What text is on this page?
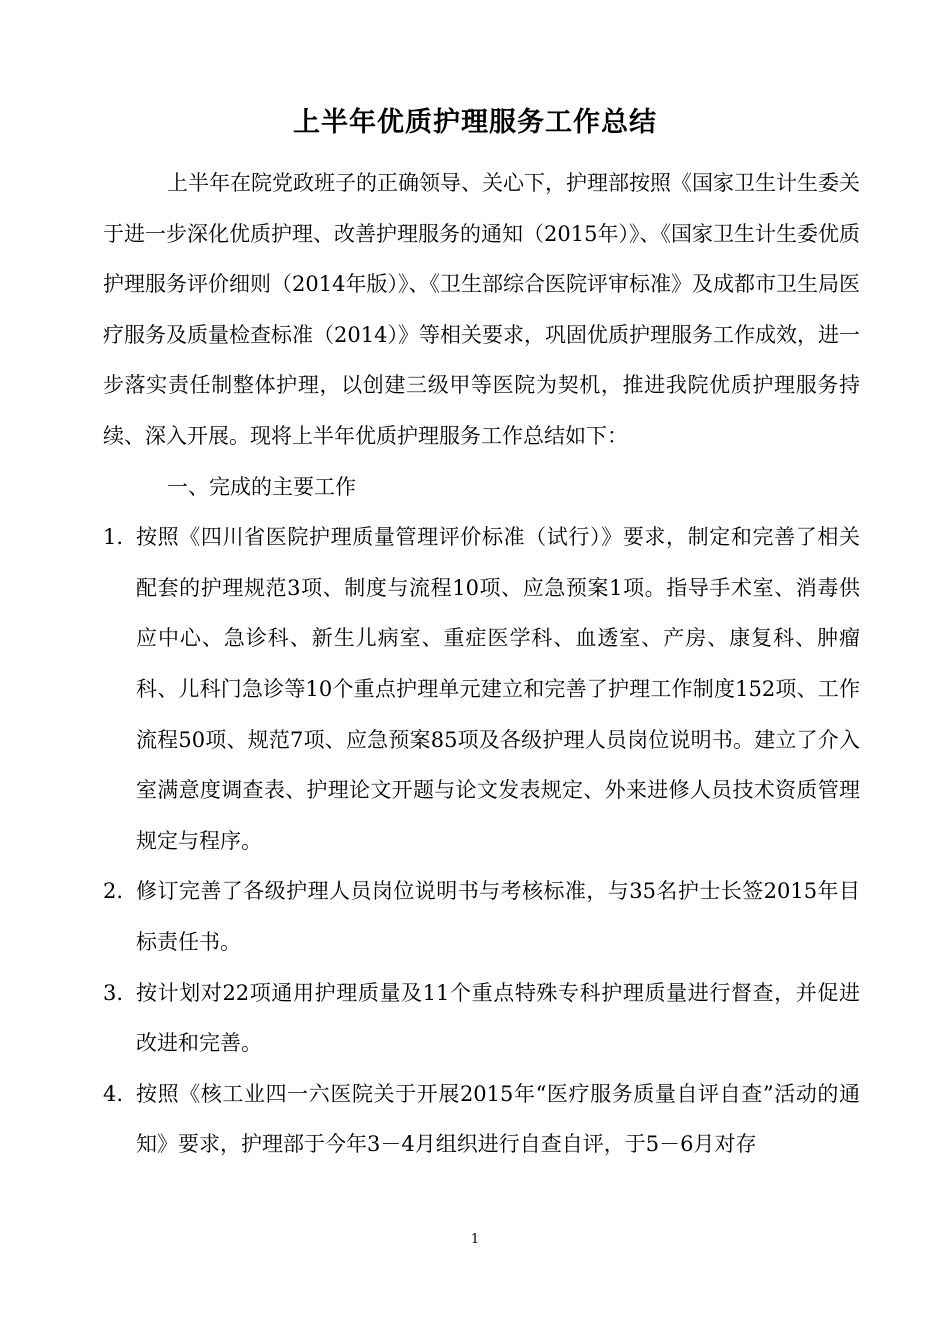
上半年优质护理服务工作总结

上半年在院党政班子的正确领导、关心下，护理部按照《国家卫生计生委关于进一步深化优质护理、改善护理服务的通知（2015年）》、《国家卫生计生委优质护理服务评价细则（2014年版）》、《卫生部综合医院评审标准》及成都市卫生局医疗服务及质量检查标准（2014）》等相关要求，巩固优质护理服务工作成效，进一步落实责任制整体护理，以创建三级甲等医院为契机，推进我院优质护理服务持续、深入开展。现将上半年优质护理服务工作总结如下：

一、完成的主要工作

1. 按照《四川省医院护理质量管理评价标准（试行）》要求，制定和完善了相关配套的护理规范3项、制度与流程10项、应急预案1项。指导手术室、消毒供应中心、急诊科、新生儿病室、重症医学科、血透室、产房、康复科、肿瘤科、儿科门急诊等10个重点护理单元建立和完善了护理工作制度152项、工作流程50项、规范7项、应急预案85项及各级护理人员岗位说明书。建立了介入室满意度调查表、护理论文开题与论文发表规定、外来进修人员技术资质管理规定与程序。
2. 修订完善了各级护理人员岗位说明书与考核标准，与35名护士长签2015年目标责任书。
3. 按计划对22项通用护理质量及11个重点特殊专科护理质量进行督查，并促进改进和完善。
4. 按照《核工业四一六医院关于开展2015年“医疗服务质量自评自查”活动的通知》要求，护理部于今年3－4月组织进行自查自评，于5－6月对存
1
